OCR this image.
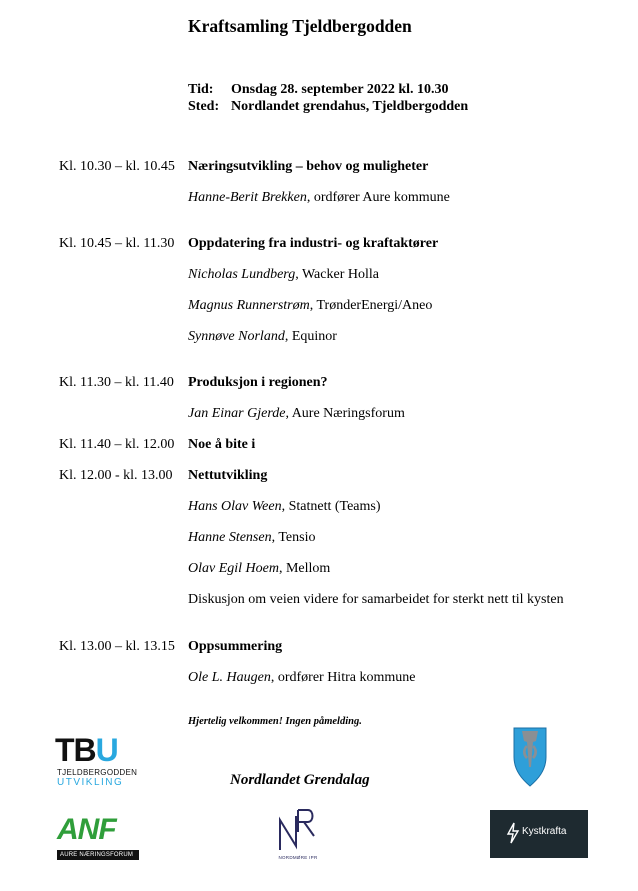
Kraftsamling Tjeldbergodden
Tid: Onsdag 28. september 2022 kl. 10.30
Sted: Nordlandet grendahus, Tjeldbergodden
Kl. 10.30 – kl. 10.45 Næringsutvikling – behov og muligheter
Hanne-Berit Brekken, ordfører Aure kommune
Kl. 10.45 – kl. 11.30 Oppdatering fra industri- og kraftaktører
Nicholas Lundberg, Wacker Holla
Magnus Runnerstrøm, TrønderEnergi/Aneo
Synnøve Norland, Equinor
Kl. 11.30 – kl. 11.40 Produksjon i regionen?
Jan Einar Gjerde, Aure Næringsforum
Kl. 11.40 – kl. 12.00 Noe å bite i
Kl. 12.00 - kl. 13.00 Nettutvikling
Hans Olav Ween, Statnett (Teams)
Hanne Stensen, Tensio
Olav Egil Hoem, Mellom
Diskusjon om veien videre for samarbeidet for sterkt nett til kysten
Kl. 13.00 – kl. 13.15 Oppsummering
Ole L. Haugen, ordfører Hitra kommune
Hjertelig velkommen! Ingen påmelding.
Nordlandet Grendalag
TBU
TJELDBERGODDEN
UTVIKLING
ANF
AURE NÆRINGSFORUM	NORDMØRE IPR
Kystkrafta
